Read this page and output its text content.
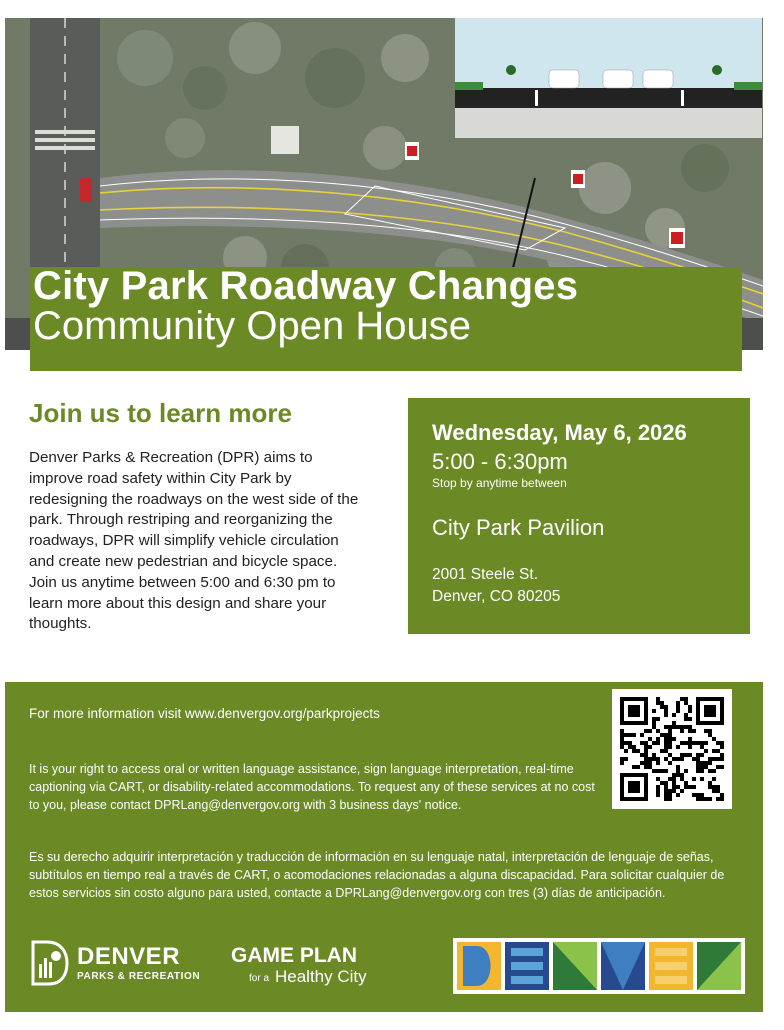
City Park Roadway Changes
Community Open House
Join us to learn more
Denver Parks & Recreation (DPR) aims to improve road safety within City Park by redesigning the roadways on the west side of the park. Through restriping and reorganizing the roadways, DPR will simplify vehicle circulation and create new pedestrian and bicycle space. Join us anytime between 5:00 and 6:30 pm to learn more about this design and share your thoughts.
Wednesday, May 6, 2026
5:00 - 6:30pm
Stop by anytime between
City Park Pavilion
2001 Steele St.
Denver, CO 80205
For more information visit www.denvergov.org/parkprojects
It is your right to access oral or written language assistance, sign language interpretation, real-time captioning via CART, or disability-related accommodations. To request any of these services at no cost to you, please contact DPRLang@denvergov.org with 3 business days' notice.
Es su derecho adquirir interpretación y traducción de información en su lenguaje natal, interpretación de lenguaje de señas, subtítulos en tiempo real a través de CART, o acomodaciones relacionadas a alguna discapacidad. Para solicitar cualquier de estos servicios sin costo alguno para usted, contacte a DPRLang@denvergov.org con tres (3) días de anticipación.
DENVER
PARKS & RECREATION
GAME PLAN
for a Healthy City
